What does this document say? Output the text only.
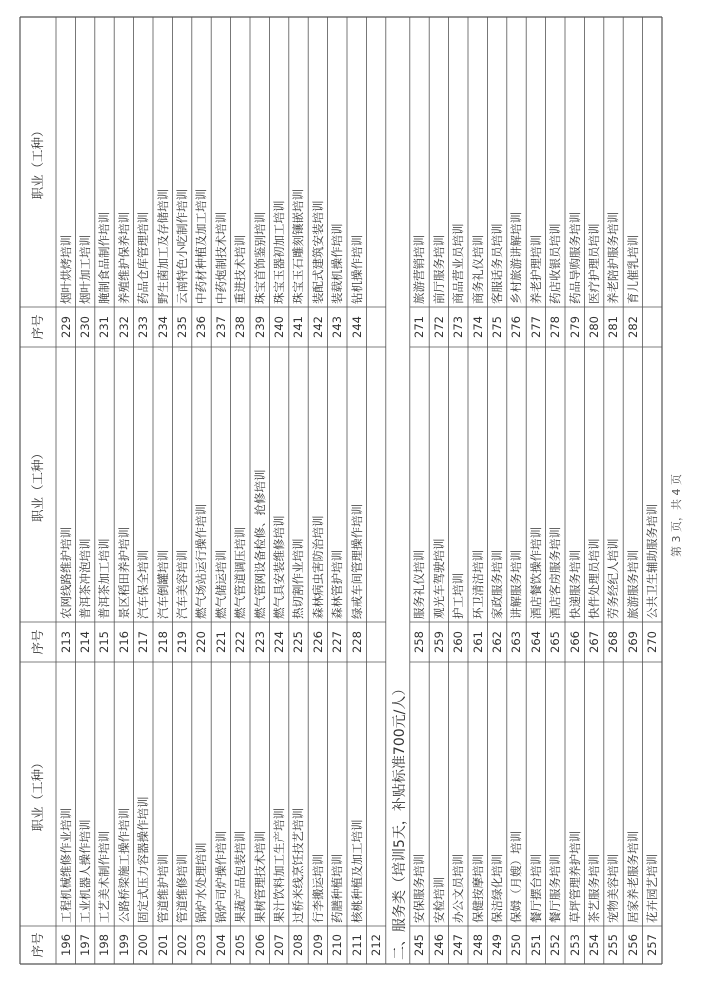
序号
职业（工种）
序号
职业（工种）
序号
职业（工种）
196
工程机械维修作业培训
197
工业机器人操作培训
198
工艺美术制作培训
199
公路桥梁施工操作培训
200
固定式压力容器操作培训
201
管道维护培训
202
管道维修培训
203
锅炉水处理培训
204
锅炉司炉操作培训
205
果蔬产品包装培训
206
果树管理技术培训
207
果汁饮料加工生产培训
208
过桥米线烹饪技艺培训
209
行李搬运培训
210
药膳种植培训
211
核桃种植及加工培训
212
213
农网线路维护培训
214
普洱茶冲泡培训
215
普洱茶加工培训
216
景区稻田养护培训
217
汽车保全培训
218
汽车倒罐培训
219
汽车美容培训
220
燃气场站运行操作培训
221
燃气储运培训
222
燃气管道调压培训
223
燃气管网设备检修、抢修培训
224
燃气具安装维修培训
225
热切割作业培训
226
森林病虫害防治培训
227
森林管护培训
228
绿戒车间管理操作培训
229
烟叶烘烤培训
230
烟叶加工培训
231
腌制食品制作培训
232
养殖维护保养培训
233
药品仓库管理培训
234
野生菌加工及存储培训
235
云南特色小吃制作培训
236
中药材种植及加工培训
237
中药炮制技术培训
238
重进技术培训
239
珠宝首饰鉴别培训
240
珠宝玉器初加工培训
241
珠宝玉石雕刻镶嵌培训
242
装配式建筑安装培训
243
装载机操作培训
244
钻机操作培训
245
安保服务培训
246
安检培训
247
办公文员培训
248
保健按摩培训
249
保洁绿化培训
250
保姆（月嫂）培训
251
餐厅摆台培训
252
餐厅服务培训
253
草坪管理养护培训
254
茶艺服务培训
255
宠物美容培训
256
居家养老服务培训
257
花卉园艺培训
258
服务礼仪培训
259
观光车驾驶培训
260
护工培训
261
环卫清洁培训
262
家政服务培训
263
讲解服务培训
264
酒店餐饮操作培训
265
酒店客房服务培训
266
快递服务培训
267
快件处理员培训
268
劳务经纪人培训
269
旅游服务培训
270
公共卫生辅助服务培训
271
旅游营销培训
272
前厅服务培训
273
商品营业员培训
274
商务礼仪培训
275
客服话务员培训
276
乡村旅游讲解培训
277
养老护理培训
278
药店收银员培训
279
药品导购服务培训
280
医疗护理员培训
281
养老陪护服务培训
282
育儿催乳培训
二、服务类（培训5天，补贴标准700元/人）
第 3 页，共 4 页
